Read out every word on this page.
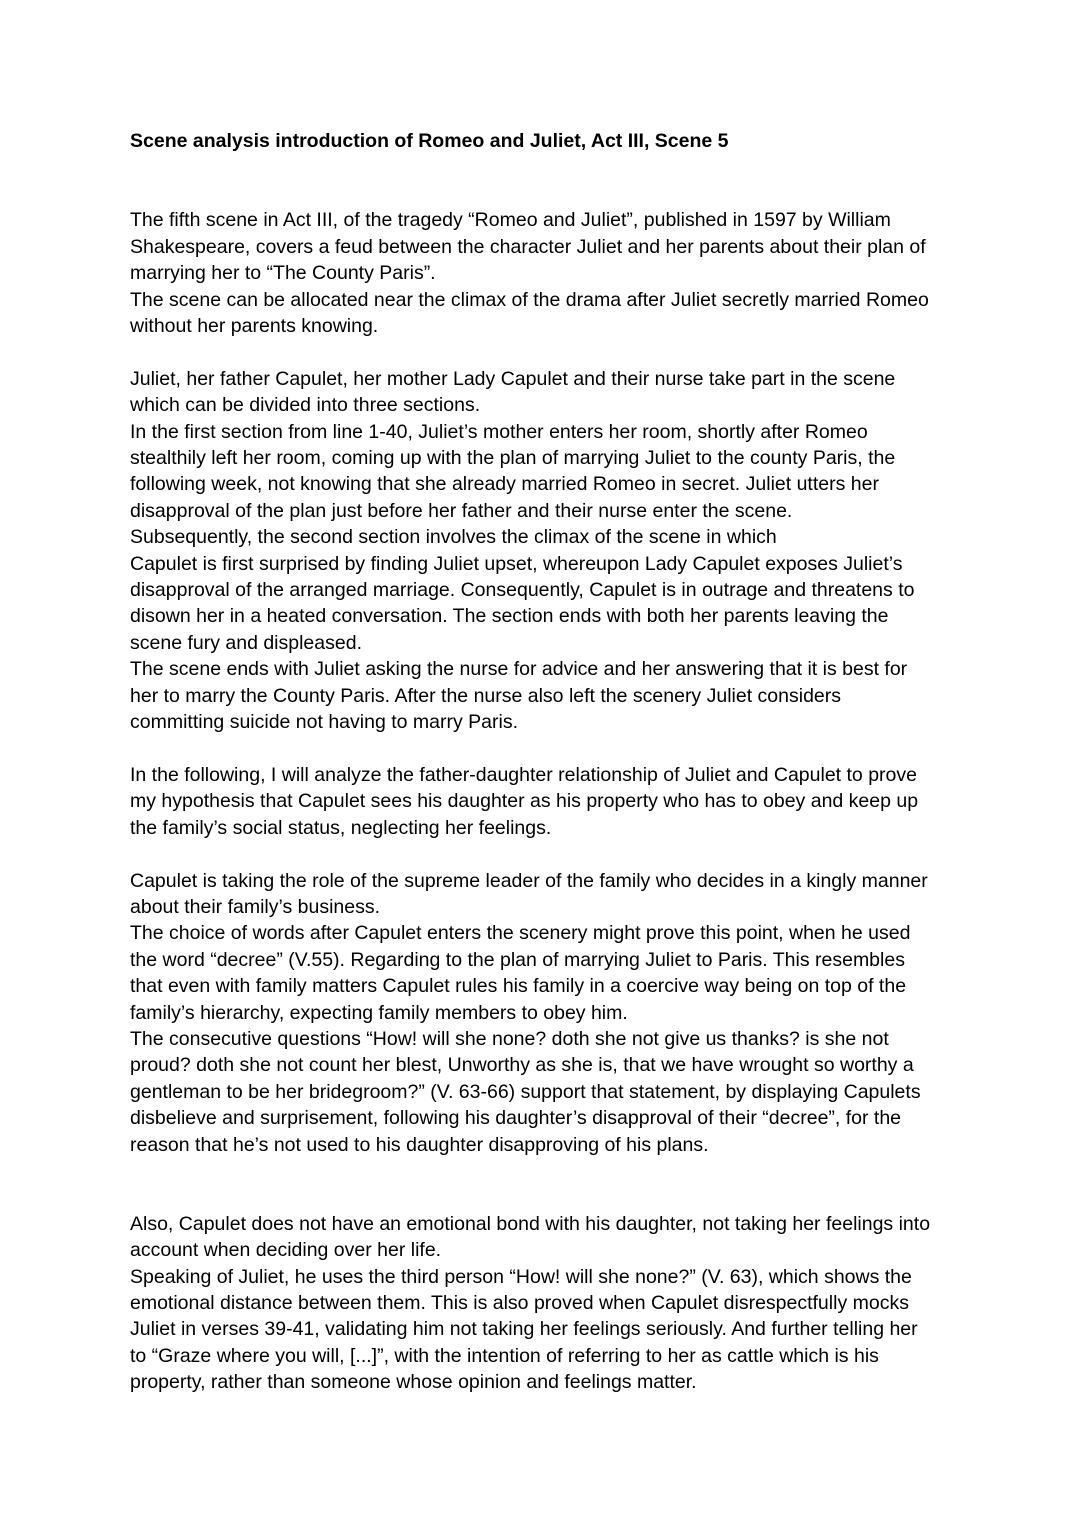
Scene analysis introduction of Romeo and Juliet, Act III, Scene 5

The fifth scene in Act III, of the tragedy “Romeo and Juliet”, published in 1597 by William
Shakespeare, covers a feud between the character Juliet and her parents about their plan of
marrying her to “The County Paris”.
The scene can be allocated near the climax of the drama after Juliet secretly married Romeo
without her parents knowing.

Juliet, her father Capulet, her mother Lady Capulet and their nurse take part in the scene
which can be divided into three sections.
In the first section from line 1-40, Juliet’s mother enters her room, shortly after Romeo
stealthily left her room, coming up with the plan of marrying Juliet to the county Paris, the
following week, not knowing that she already married Romeo in secret. Juliet utters her
disapproval of the plan just before her father and their nurse enter the scene.
Subsequently, the second section involves the climax of the scene in which
Capulet is first surprised by finding Juliet upset, whereupon Lady Capulet exposes Juliet’s
disapproval of the arranged marriage. Consequently, Capulet is in outrage and threatens to
disown her in a heated conversation. The section ends with both her parents leaving the
scene fury and displeased.
The scene ends with Juliet asking the nurse for advice and her answering that it is best for
her to marry the County Paris. After the nurse also left the scenery Juliet considers
committing suicide not having to marry Paris.

In the following, I will analyze the father-daughter relationship of Juliet and Capulet to prove
my hypothesis that Capulet sees his daughter as his property who has to obey and keep up
the family’s social status, neglecting her feelings.

Capulet is taking the role of the supreme leader of the family who decides in a kingly manner
about their family’s business.
The choice of words after Capulet enters the scenery might prove this point, when he used
the word “decree” (V.55). Regarding to the plan of marrying Juliet to Paris. This resembles
that even with family matters Capulet rules his family in a coercive way being on top of the
family’s hierarchy, expecting family members to obey him.
The consecutive questions “How! will she none? doth she not give us thanks? is she not
proud? doth she not count her blest, Unworthy as she is, that we have wrought so worthy a
gentleman to be her bridegroom?” (V. 63-66) support that statement, by displaying Capulets
disbelieve and surprisement, following his daughter’s disapproval of their “decree”, for the
reason that he’s not used to his daughter disapproving of his plans.

Also, Capulet does not have an emotional bond with his daughter, not taking her feelings into
account when deciding over her life.
Speaking of Juliet, he uses the third person “How! will she none?” (V. 63), which shows the
emotional distance between them. This is also proved when Capulet disrespectfully mocks
Juliet in verses 39-41, validating him not taking her feelings seriously. And further telling her
to “Graze where you will, [...]”, with the intention of referring to her as cattle which is his
property, rather than someone whose opinion and feelings matter.
